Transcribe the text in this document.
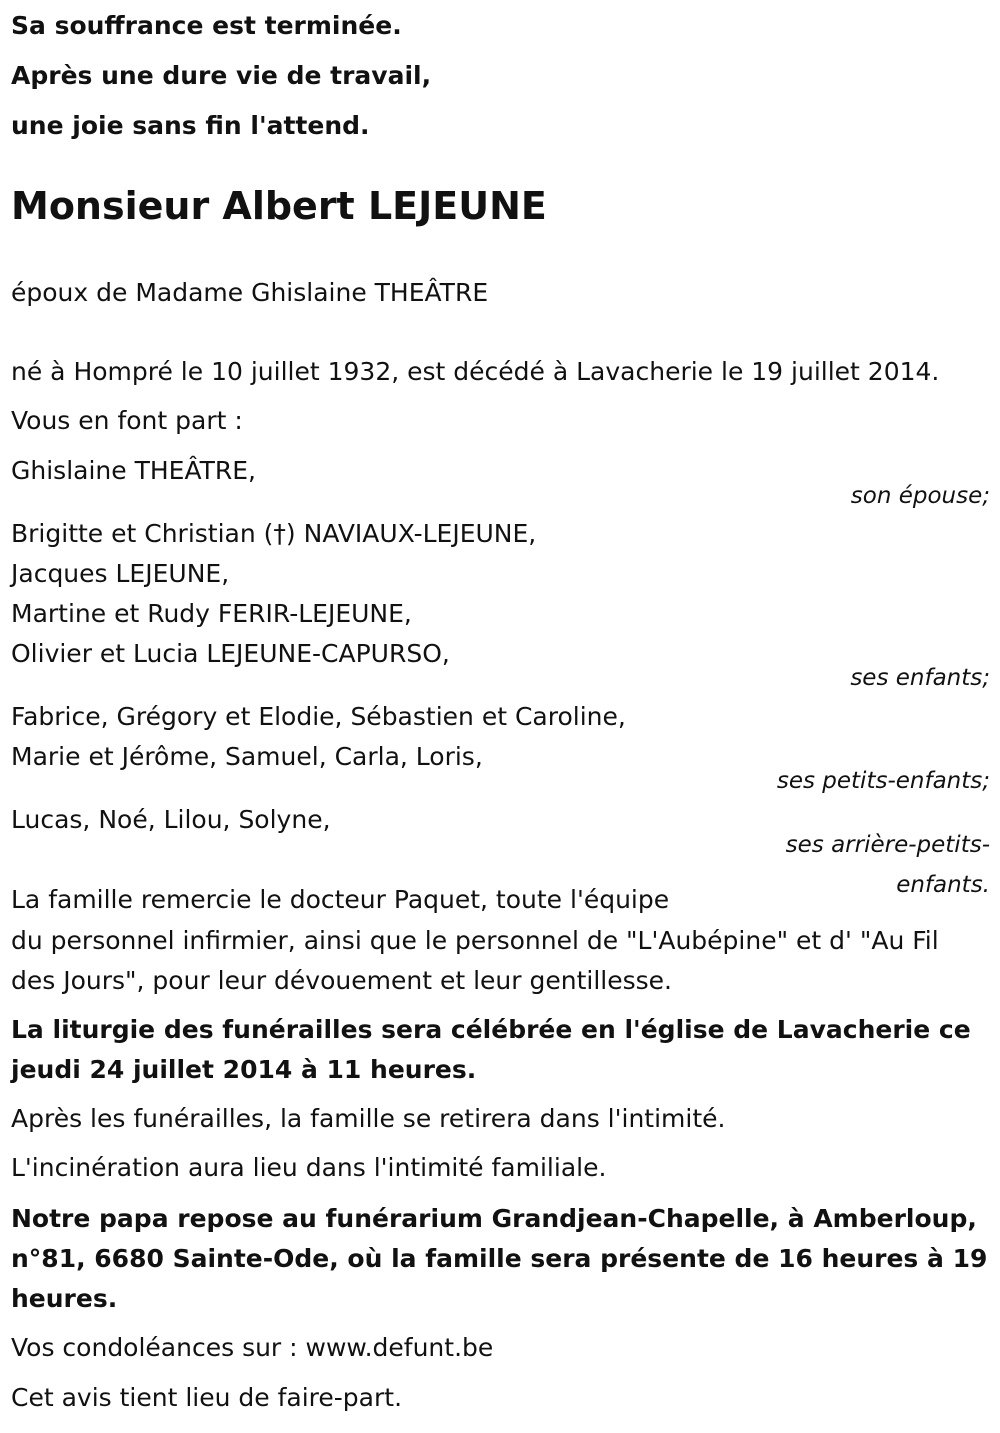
Sa souffrance est terminée.
Après une dure vie de travail,
une joie sans fin l'attend.
Monsieur Albert LEJEUNE
époux de Madame Ghislaine THEÂTRE
né à Hompré le 10 juillet 1932, est décédé à Lavacherie le 19 juillet 2014.
Vous en font part :
Ghislaine THEÂTRE,
son épouse;
Brigitte et Christian (†) NAVIAUX-LEJEUNE,
Jacques LEJEUNE,
Martine et Rudy FERIR-LEJEUNE,
Olivier et Lucia LEJEUNE-CAPURSO,
ses enfants;
Fabrice, Grégory et Elodie, Sébastien et Caroline,
Marie et Jérôme, Samuel, Carla, Loris,
ses petits-enfants;
Lucas, Noé, Lilou, Solyne,
ses arrière-petits-
enfants.
La famille remercie le docteur Paquet, toute l'équipe
du personnel infirmier, ainsi que le personnel de "L'Aubépine" et d' "Au Fil
des Jours", pour leur dévouement et leur gentillesse.
La liturgie des funérailles sera célébrée en l'église de Lavacherie ce
jeudi 24 juillet 2014 à 11 heures.
Après les funérailles, la famille se retirera dans l'intimité.
L'incinération aura lieu dans l'intimité familiale.
Notre papa repose au funérarium Grandjean-Chapelle, à Amberloup,
n°81, 6680 Sainte-Ode, où la famille sera présente de 16 heures à 19
heures.
Vos condoléances sur : www.defunt.be
Cet avis tient lieu de faire-part.
